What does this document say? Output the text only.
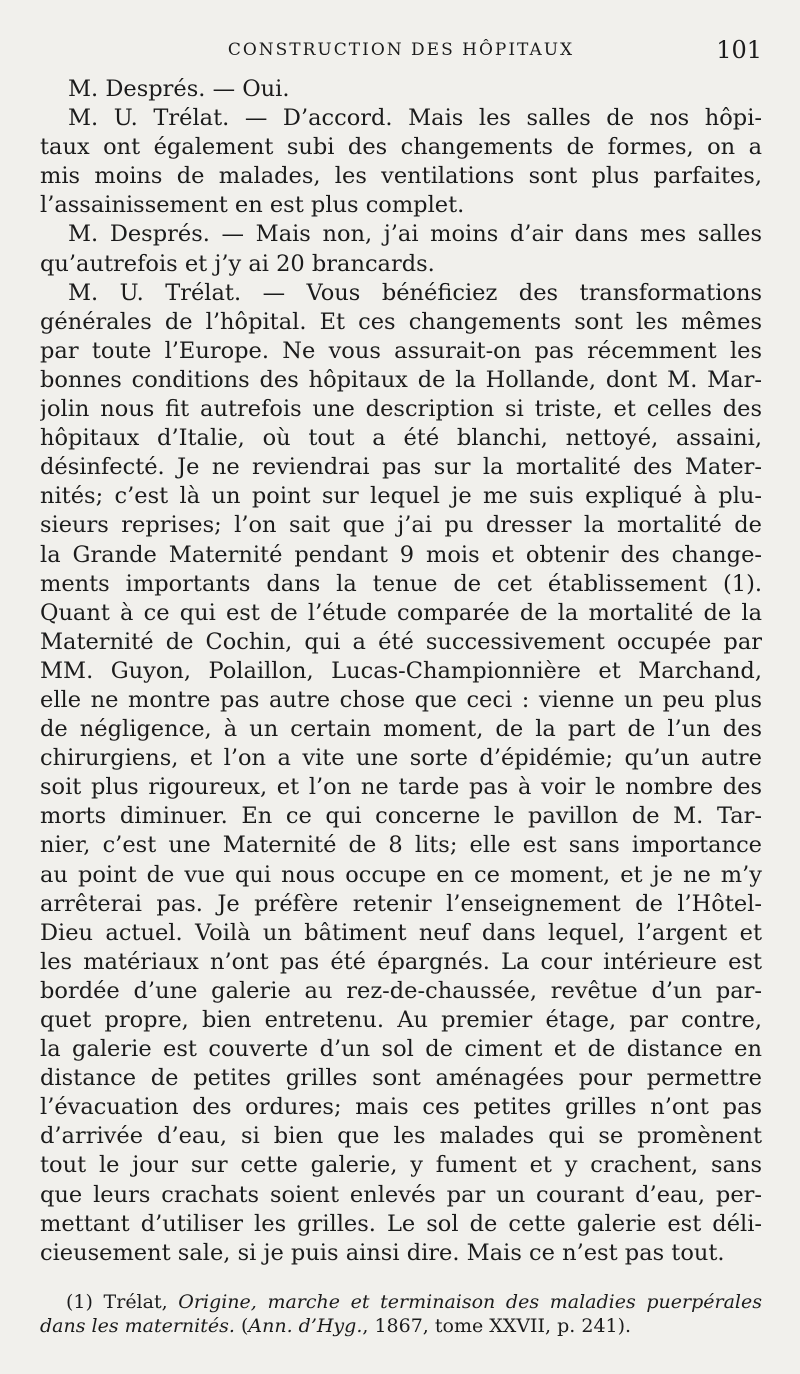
CONSTRUCTION DES HÔPITAUX	101
M. Després. — Oui.
M. U. Trélat. — D’accord. Mais les salles de nos hôpi-
taux ont également subi des changements de formes, on a
mis moins de malades, les ventilations sont plus parfaites,
l’assainissement en est plus complet.
M. Després. — Mais non, j’ai moins d’air dans mes salles
qu’autrefois et j’y ai 20 brancards.
M. U. Trélat. — Vous bénéficiez des transformations
générales de l’hôpital. Et ces changements sont les mêmes
par toute l’Europe. Ne vous assurait-on pas récemment les
bonnes conditions des hôpitaux de la Hollande, dont M. Mar-
jolin nous fit autrefois une description si triste, et celles des
hôpitaux d’Italie, où tout a été blanchi, nettoyé, assaini,
désinfecté. Je ne reviendrai pas sur la mortalité des Mater-
nités; c’est là un point sur lequel je me suis expliqué à plu-
sieurs reprises; l’on sait que j’ai pu dresser la mortalité de
la Grande Maternité pendant 9 mois et obtenir des change-
ments importants dans la tenue de cet établissement (1).
Quant à ce qui est de l’étude comparée de la mortalité de la
Maternité de Cochin, qui a été successivement occupée par
MM. Guyon, Polaillon, Lucas-Championnière et Marchand,
elle ne montre pas autre chose que ceci : vienne un peu plus
de négligence, à un certain moment, de la part de l’un des
chirurgiens, et l’on a vite une sorte d’épidémie; qu’un autre
soit plus rigoureux, et l’on ne tarde pas à voir le nombre des
morts diminuer. En ce qui concerne le pavillon de M. Tar-
nier, c’est une Maternité de 8 lits; elle est sans importance
au point de vue qui nous occupe en ce moment, et je ne m’y
arrêterai pas. Je préfère retenir l’enseignement de l’Hôtel-
Dieu actuel. Voilà un bâtiment neuf dans lequel, l’argent et
les matériaux n’ont pas été épargnés. La cour intérieure est
bordée d’une galerie au rez-de-chaussée, revêtue d’un par-
quet propre, bien entretenu. Au premier étage, par contre,
la galerie est couverte d’un sol de ciment et de distance en
distance de petites grilles sont aménagées pour permettre
l’évacuation des ordures; mais ces petites grilles n’ont pas
d’arrivée d’eau, si bien que les malades qui se promènent
tout le jour sur cette galerie, y fument et y crachent, sans
que leurs crachats soient enlevés par un courant d’eau, per-
mettant d’utiliser les grilles. Le sol de cette galerie est déli-
cieusement sale, si je puis ainsi dire. Mais ce n’est pas tout.
(1) Trélat, Origine, marche et terminaison des maladies puerpérales
dans les maternités. (Ann. d’Hyg., 1867, tome XXVII, p. 241).
